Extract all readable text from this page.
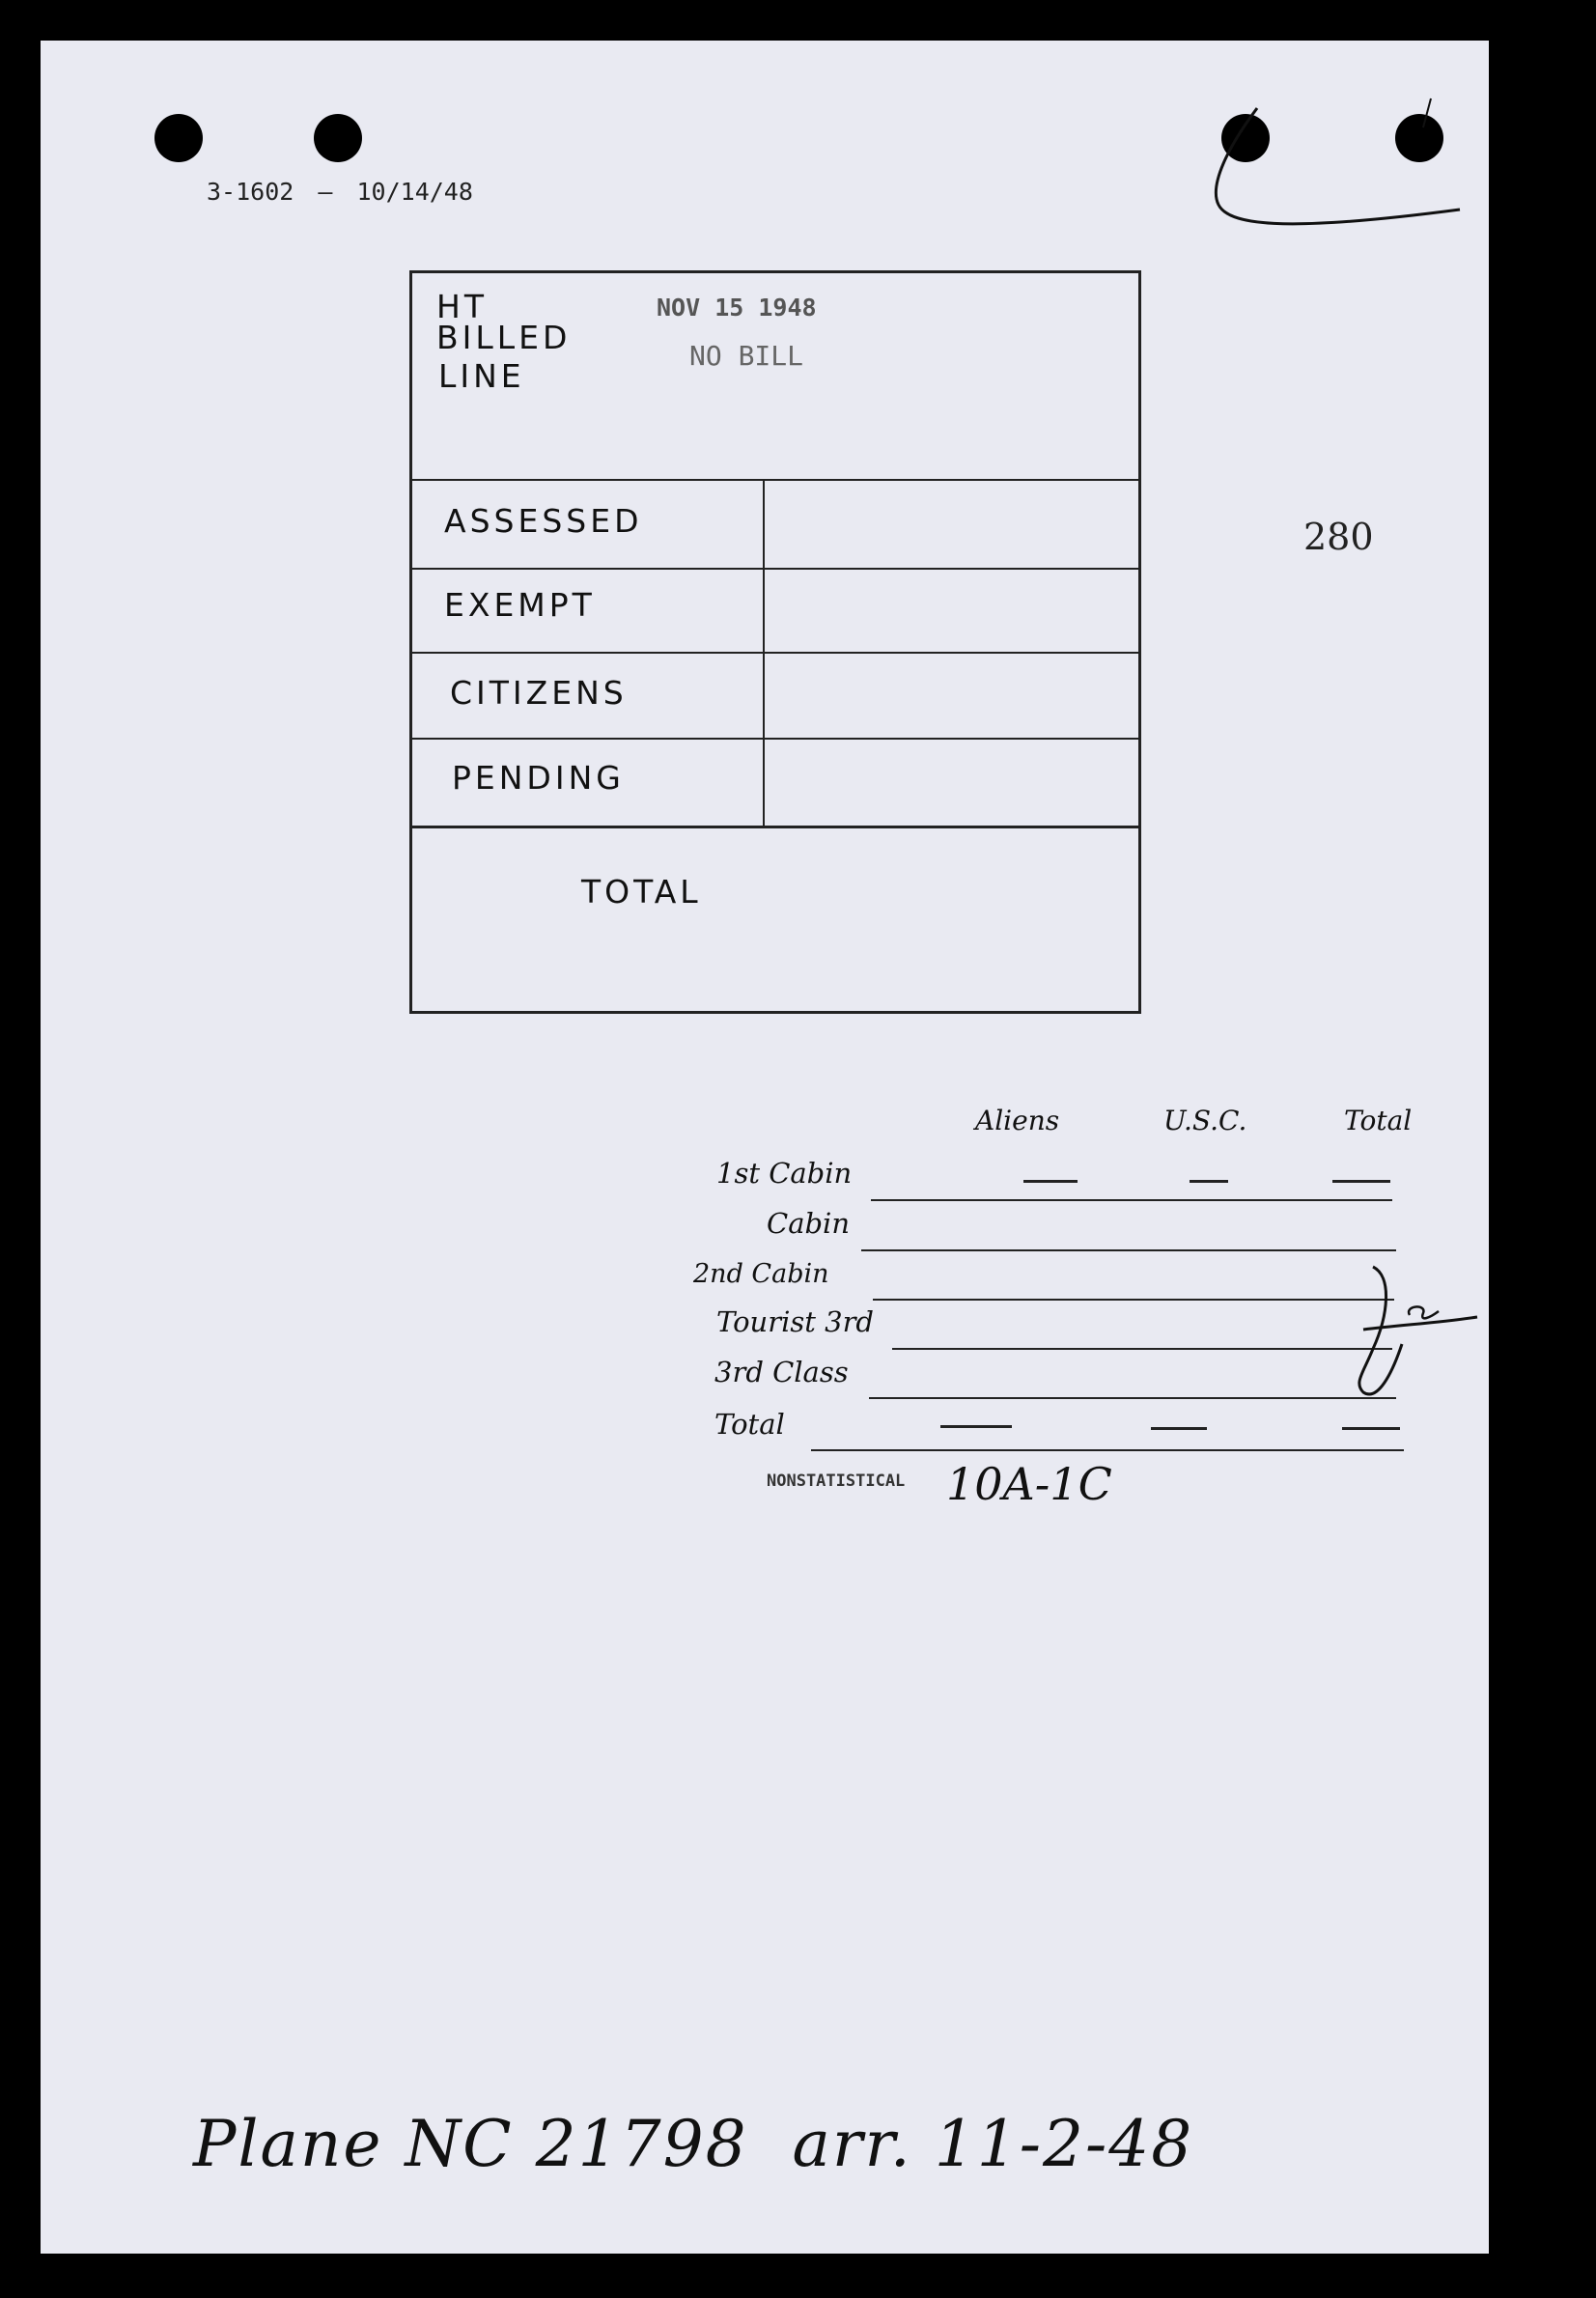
3-1602 — 10/14/48
HT
BILLED
LINE
NOV 15 1948
NO BILL
ASSESSED
EXEMPT
CITIZENS
PENDING
TOTAL
280
Aliens	U.S.C.	Total
1st Cabin
Cabin
2nd Cabin
Tourist 3rd
3rd Class
Total
NONSTATISTICAL 10A-1C
Plane NC 21798  arr. 11-2-48
